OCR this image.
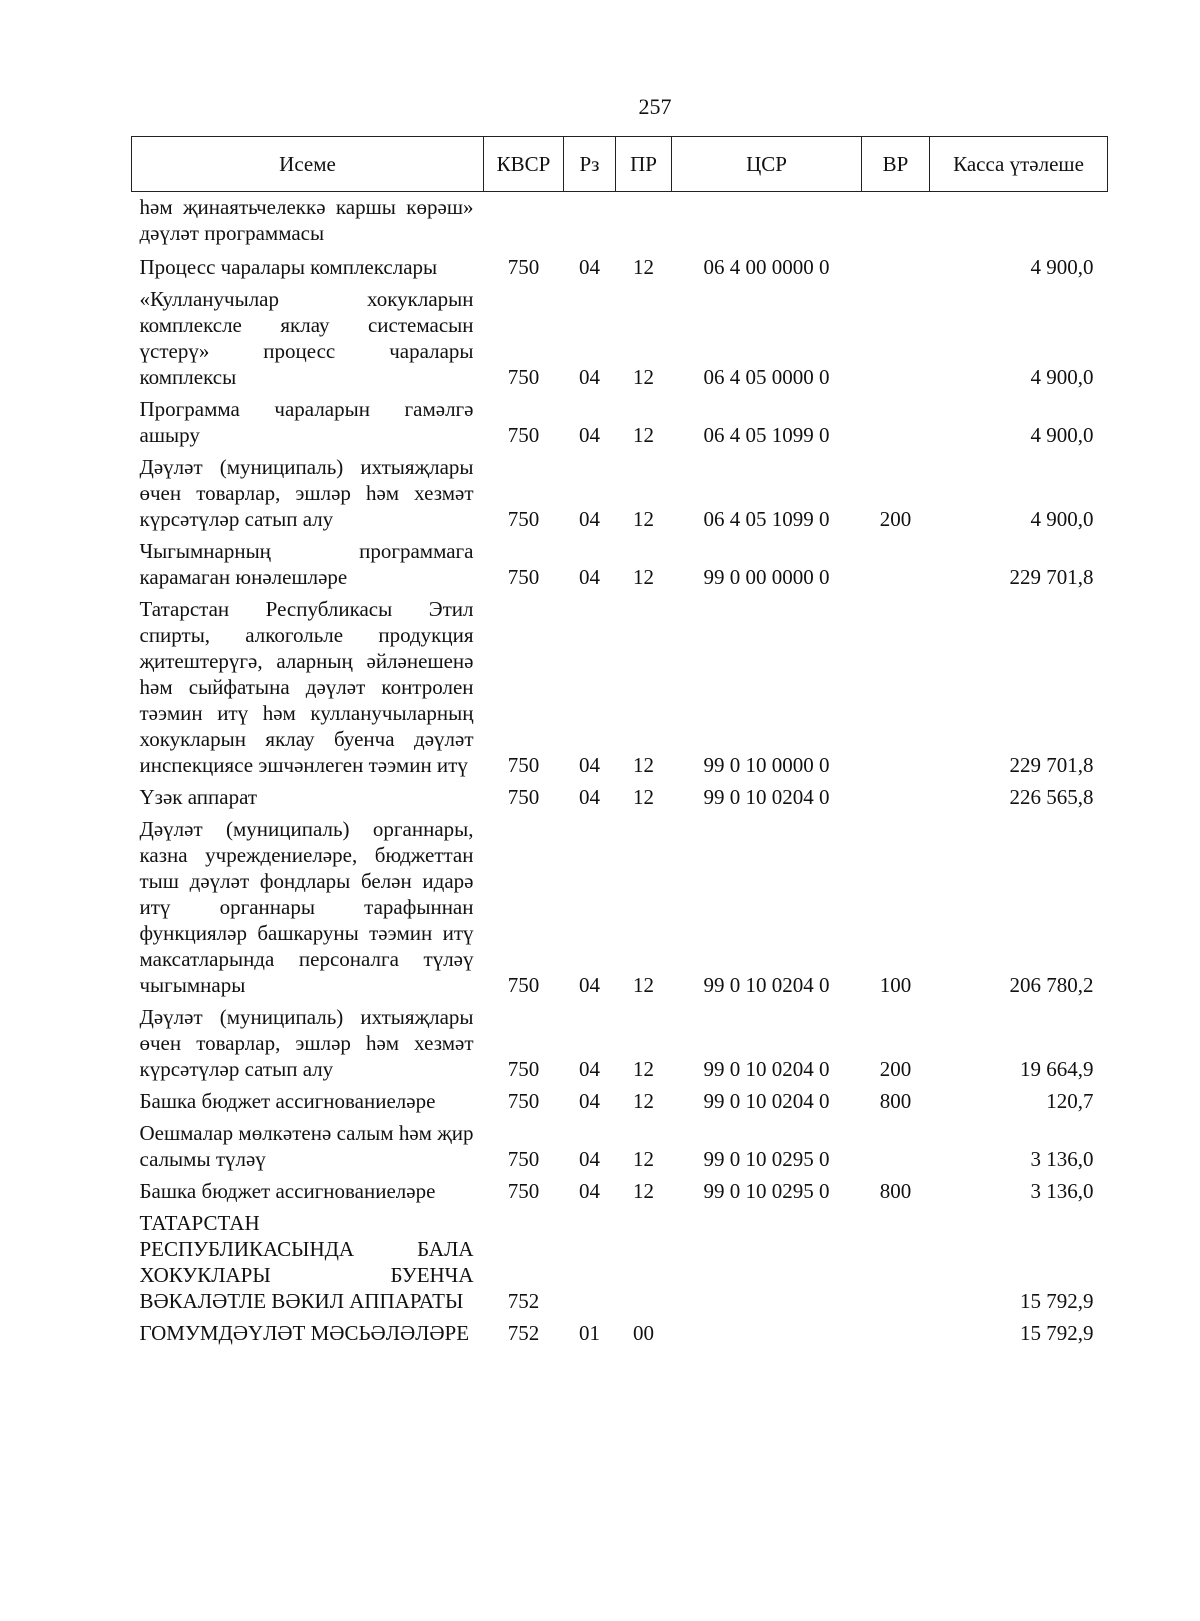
257
Исеме	КВСР	Рз	ПР	ЦСР	ВР	Касса үтәлеше
һәм җинаятьчелеккә каршы көрәш» дәүләт программасы						
Процесс чаралары комплекслары	750	04	12	06 4 00 0000 0		4 900,0
«Кулланучылар хокукларын комплексле яклау системасын үстерү» процесс чаралары комплексы	750	04	12	06 4 05 0000 0		4 900,0
Программа чараларын гамәлгә ашыру	750	04	12	06 4 05 1099 0		4 900,0
Дәүләт (муниципаль) ихтыяҗлары өчен товарлар, эшләр һәм хезмәт күрсәтүләр сатып алу	750	04	12	06 4 05 1099 0	200	4 900,0
Чыгымнарның программага карамаган юнәлешләре	750	04	12	99 0 00 0000 0		229 701,8
Татарстан Республикасы Этил спирты, алкогольле продукция җитештерүгә, аларның әйләнешенә һәм сыйфатына дәүләт контролен тәэмин итү һәм кулланучыларның хокукларын яклау буенча дәүләт инспекциясе эшчәнлеген тәэмин итү	750	04	12	99 0 10 0000 0		229 701,8
Үзәк аппарат	750	04	12	99 0 10 0204 0		226 565,8
Дәүләт (муниципаль) органнары, казна учреждениеләре, бюджеттан тыш дәүләт фондлары белән идарә итү органнары тарафыннан функцияләр башкаруны тәэмин итү максатларында персоналга түләү чыгымнары	750	04	12	99 0 10 0204 0	100	206 780,2
Дәүләт (муниципаль) ихтыяҗлары өчен товарлар, эшләр һәм хезмәт күрсәтүләр сатып алу	750	04	12	99 0 10 0204 0	200	19 664,9
Башка бюджет ассигнованиеләре	750	04	12	99 0 10 0204 0	800	120,7
Оешмалар мөлкәтенә салым һәм җир салымы түләү	750	04	12	99 0 10 0295 0		3 136,0
Башка бюджет ассигнованиеләре	750	04	12	99 0 10 0295 0	800	3 136,0
ТАТАРСТАН РЕСПУБЛИКАСЫНДА БАЛА ХОКУКЛАРЫ БУЕНЧА ВӘКАЛӘТЛЕ ВӘКИЛ АППАРАТЫ	752					15 792,9
ГОМУМДӘҮЛӘТ МӘСЬӘЛӘЛӘРЕ	752	01	00			15 792,9
